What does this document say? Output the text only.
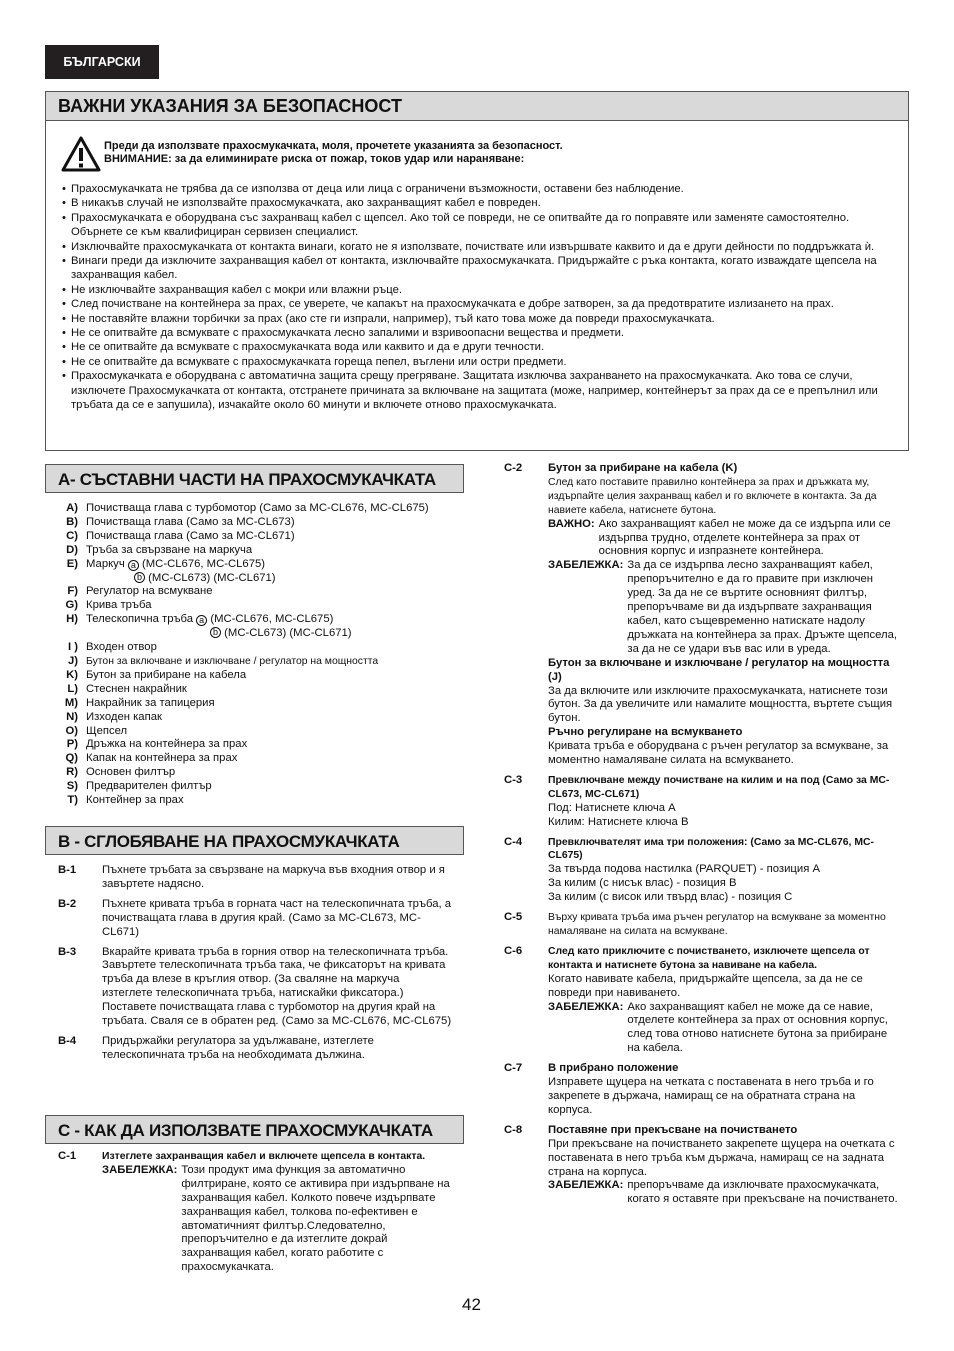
БЪЛГАРСКИ
ВАЖНИ УКАЗАНИЯ ЗА БЕЗОПАСНОСТ
Преди да използвате прахосмукачката, моля, прочетете указанията за безопасност.
ВНИМАНИЕ: за да елиминирате риска от пожар, токов удар или нараняване:
• Прахосмукачката не трябва да се използва от деца или лица с ограничени възможности, оставени без наблюдение.
• В никакъв случай не използвайте прахосмукачката, ако захранващият кабел е повреден.
• Прахосмукачката е оборудвана със захранващ кабел с щепсел. Ако той се повреди, не се опитвайте да го поправяте или заменяте самостоятелно. Обърнете се към квалифициран сервизен специалист.
• Изключвайте прахосмукачката от контакта винаги, когато не я използвате, почиствате или извършвате каквито и да е други дейности по поддръжката ѝ.
• Винаги преди да изключите захранващия кабел от контакта, изключвайте прахосмукачката. Придържайте с ръка контакта, когато изваждате щепсела на захранващия кабел.
• Не изключвайте захранващия кабел с мокри или влажни ръце.
• След почистване на контейнера за прах, се уверете, че капакът на прахосмукачката е добре затворен, за да предотвратите излизането на прах.
• Не поставяйте влажни торбички за прах (ако сте ги изпрали, например), тъй като това може да повреди прахосмукачката.
• Не се опитвайте да всмуквате с прахосмукачката лесно запалими и взривоопасни вещества и предмети.
• Не се опитвайте да всмуквате с прахосмукачката вода или каквито и да е други течности.
• Не се опитвайте да всмуквате с прахосмукачката гореща пепел, въглени или остри предмети.
• Прахосмукачката е оборудвана с автоматична защита срещу прегряване. Защитата изключва захранването на прахосмукачката. Ако това се случи, изключете Прахосмукачката от контакта, отстранете причината за включване на защитата (може, например, контейнерът за прах да се е препълнил или тръбата да се е запушила), изчакайте около 60 минути и включете отново прахосмукачката.
А- СЪСТАВНИ ЧАСТИ НА ПРАХОСМУКАЧКАТА
A) Почистваща глава с турбомотор (Само за MC-CL676, MC-CL675)
B) Почистваща глава (Само за MC-CL673)
C) Почистваща глава (Само за MC-CL671)
D) Тръба за свързване на маркуча
E) Маркуч a (MC-CL676, MC-CL675)
b
(MC-CL673) (MC-CL671)
F) Регулатор на всмукване
G) Крива тръба
H) Телескопична тръба a (MC-CL676, MC-CL675)
b
(MC-CL673) (MC-CL671)
I ) Входен отвор
J) Бутон за включване и изключване / регулатор на мощността
K) Бутон за прибиране на кабела
L) Стеснен накрайник
M) Накрайник за тапицерия
N) Изходен капак
O) Щепсел
P) Дръжка на контейнера за прах
Q) Капак на контейнера за прах
R) Основен филтър
S) Предварителен филтър
T) Контейнер за прах
В - СГЛОБЯВАНЕ НА ПРАХОСМУКАЧКАТА
B-1	Пъхнете тръбата за свързване на маркуча във входния отвор и я завъртете надясно.
B-2	Пъхнете кривата тръба в горната част на телескопичната тръба, а почистващата глава в другия край. (Само за MC-CL673, MC-CL671)
B-3	Вкарайте кривата тръба в горния отвор на телескопичната тръба. Завъртете телескопичната тръба така, че фиксаторът на кривата тръба да влезе в кръглия отвор. (За сваляне на маркуча изтеглете телескопичната тръба, натискайки фиксатора.)
Поставете почистващата глава с турбомотор на другия край на тръбата. Сваля се в обратен ред. (Само за MC-CL676, MC-CL675)
B-4	Придържайки регулатора за удължаване, изтеглете телескопичната тръба на необходимата дължина.
С - КАК ДА ИЗПОЛЗВАТЕ ПРАХОСМУКАЧКАТА
C-1	Изтеглете захранващия кабел и включете щепсела в контакта.
ЗАБЕЛЕЖКА: Този продукт има функция за автоматично филтриране, която се активира при издърпване на захранващия кабел. Колкото повече издърпвате захранващия кабел, толкова по-ефективен е автоматичният филтър.Следователно, препоръчително е да изтеглите докрай захранващия кабел, когато работите с прахосмукачката.
C-2	Бутон за прибиране на кабела (K)
След като поставите правилно контейнера за прах и дръжката му, издърпайте целия захранващ кабел и го включете в контакта. За да навиете кабела, натиснете бутона.
ВАЖНО: Ако захранващият кабел не може да се издърпа или се издърпва трудно, отделете контейнера за прах от основния корпус и изпразнете контейнера.
ЗАБЕЛЕЖКА: За да се издърпва лесно захранващият кабел, препоръчително е да го правите при изключен уред. За да не се въртите основният филтър, препоръчваме ви да издърпвате захранващия кабел, като същевременно натискате надолу дръжката на контейнера за прах. Дръжте щепсела, за да не се удари във вас или в уреда.
Бутон за включване и изключване / регулатор на мощността (J)
За да включите или изключите прахосмукачката, натиснете този бутон. За да увеличите или намалите мощността, въртете същия бутон.
Ръчно регулиране на всмукването
Кривата тръба е оборудвана с ръчен регулатор за всмукване, за моментно намаляване силата на всмукването.
C-3	Превключване между почистване на килим и на под (Само за MC-CL673, MC-CL671)
Под: Натиснете ключа A
Килим: Натиснете ключа B
C-4	Превключвателят има три положения: (Само за MC-CL676, MC-CL675)
За твърда подова настилка (PARQUET) - позиция A
За килим (с нисък влас) - позиция B
За килим (с висок или твърд влас) - позиция C
C-5	Върху кривата тръба има ръчен регулатор на всмукване за моментно намаляване на силата на всмукване.
C-6	След като приключите с почистването, изключете щепсела от контакта и натиснете бутона за навиване на кабела.
Когато навивате кабела, придържайте щепсела, за да не се повреди при навиването.
ЗАБЕЛЕЖКА: Ако захранващият кабел не може да се навие, отделете контейнера за прах от основния корпус, след това отново натиснете бутона за прибиране на кабела.
C-7	В прибрано положение
Изправете щуцера на четката с поставената в него тръба и го закрепете в държача, намиращ се на обратната страна на корпуса.
C-8	Поставяне при прекъсване на почистването
При прекъсване на почистването закрепете щуцера на очетката с поставената в него тръба към държача, намиращ се на задната страна на корпуса.
ЗАБЕЛЕЖКА: препоръчваме да изключвате прахосмукачката, когато я оставяте при прекъсване на почистването.
42
